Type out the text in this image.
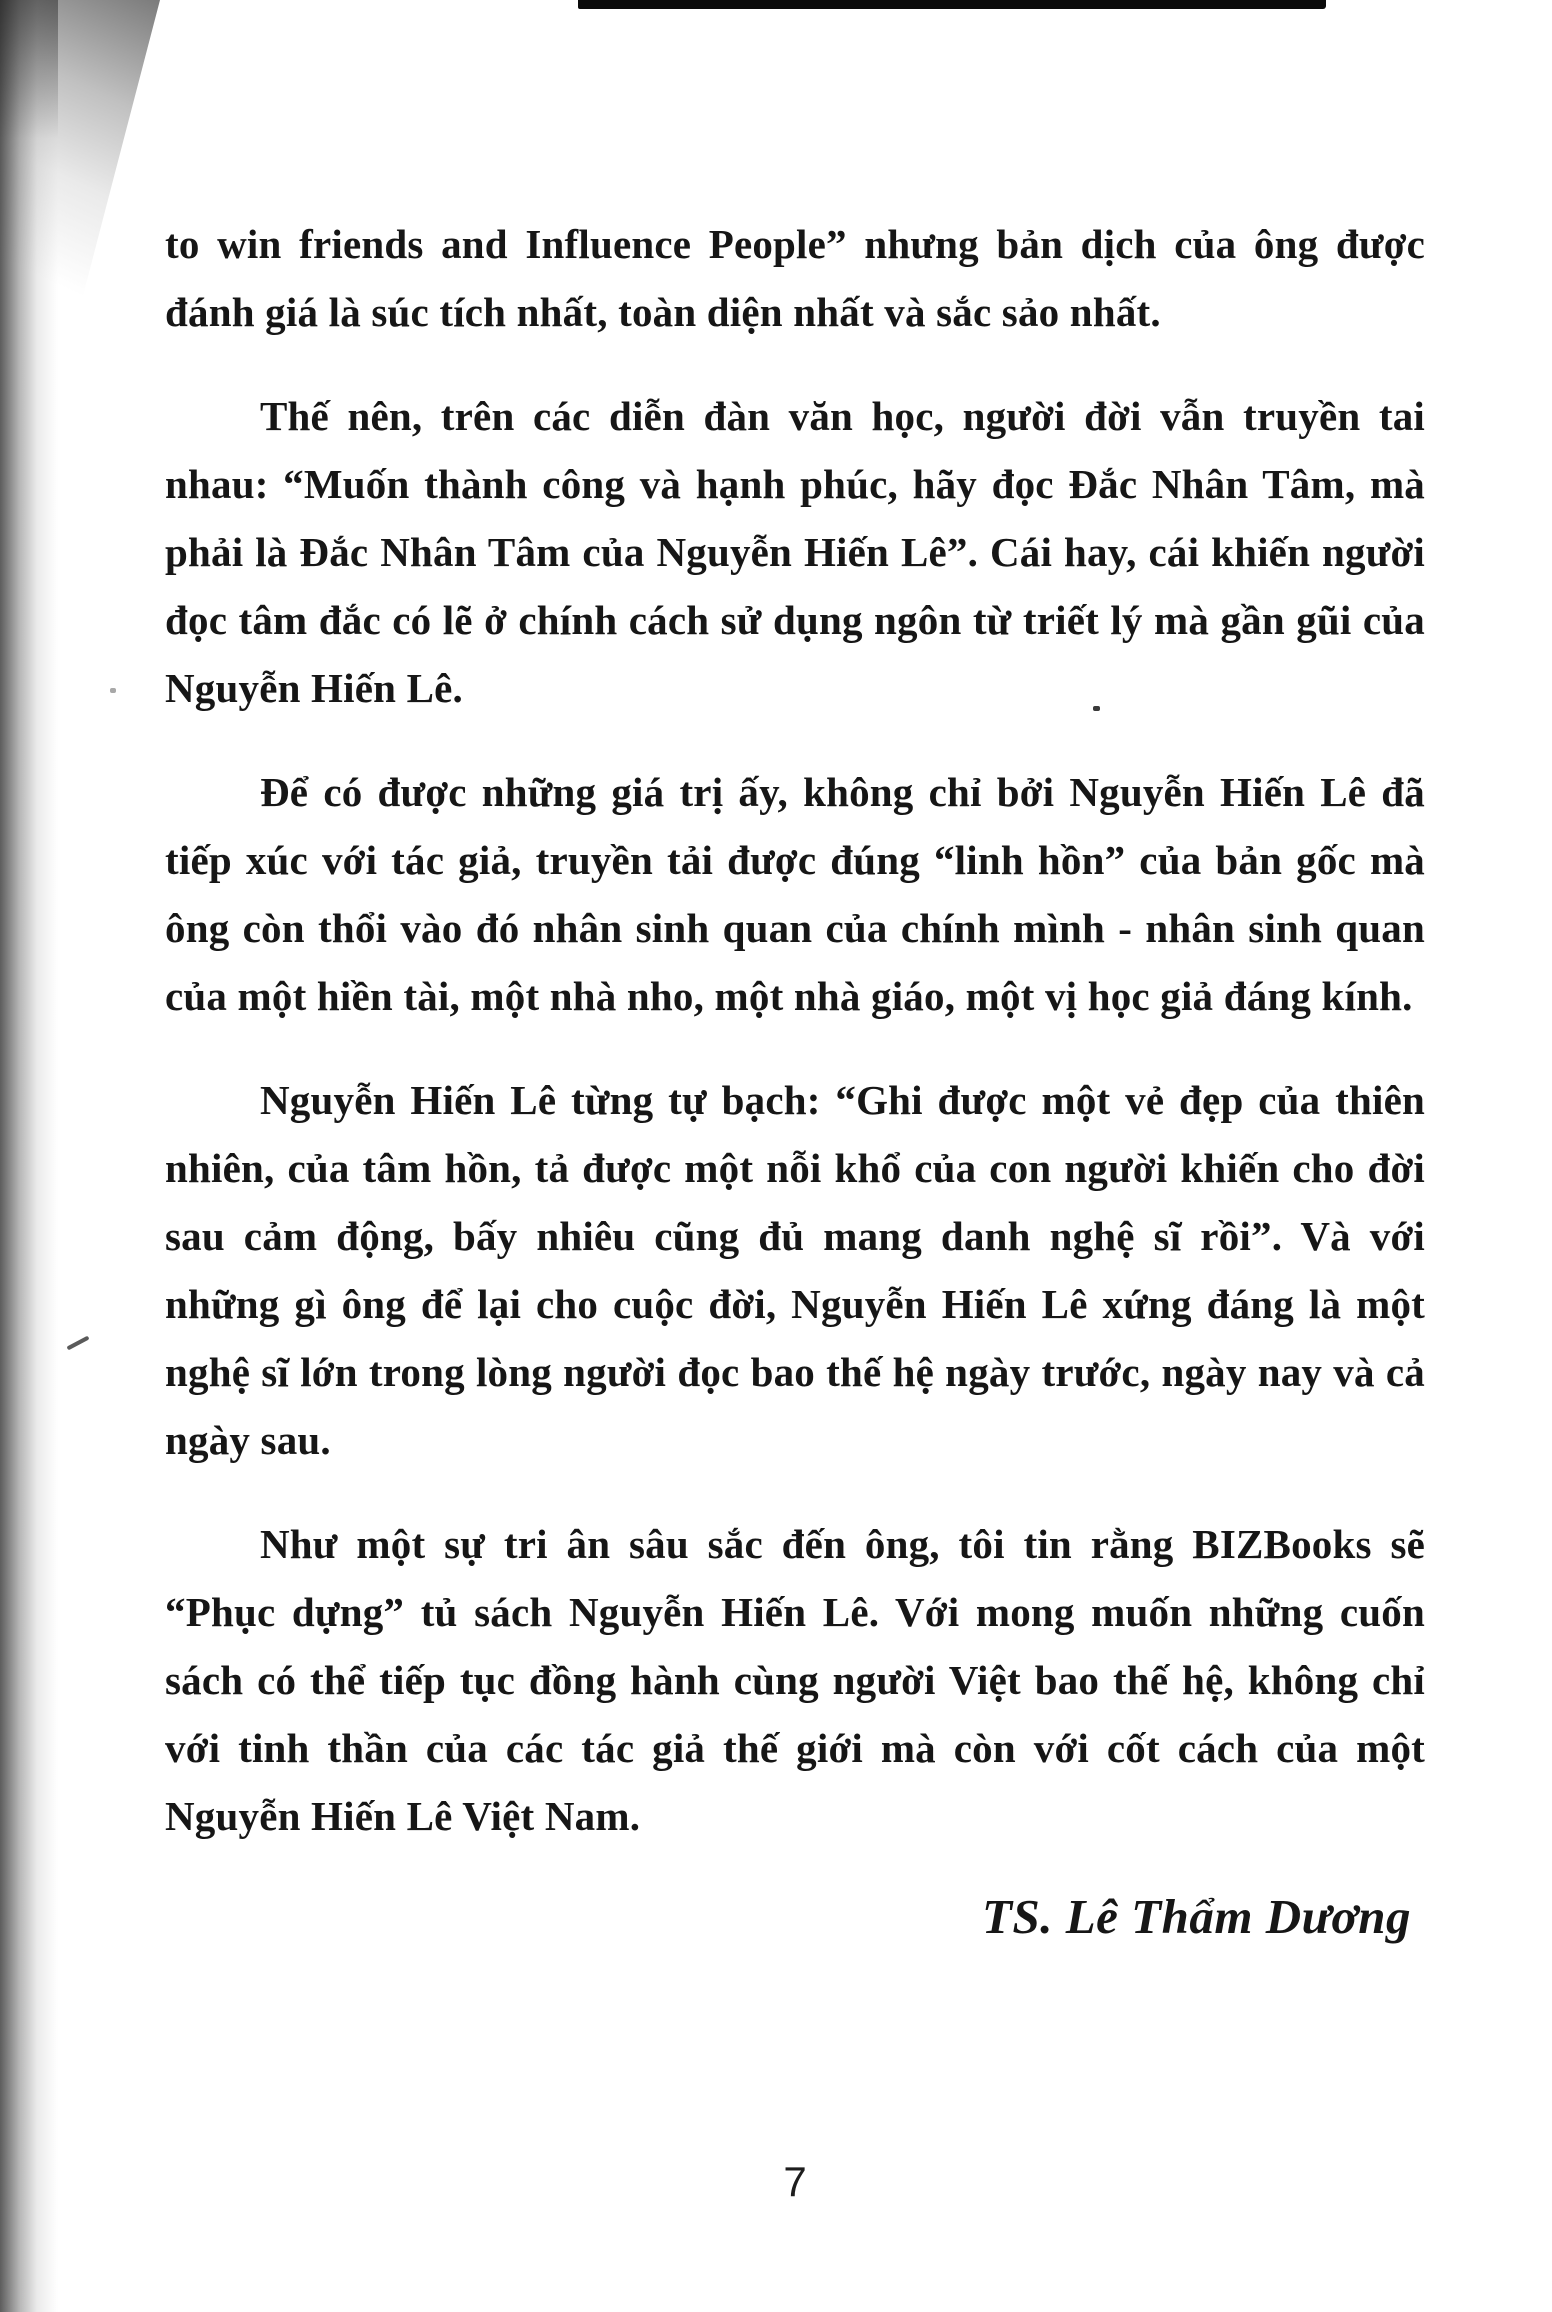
to win friends and Influence People” nhưng bản dịch của ông được đánh giá là súc tích nhất, toàn diện nhất và sắc sảo nhất.

Thế nên, trên các diễn đàn văn học, người đời vẫn truyền tai nhau: “Muốn thành công và hạnh phúc, hãy đọc Đắc Nhân Tâm, mà phải là Đắc Nhân Tâm của Nguyễn Hiến Lê”. Cái hay, cái khiến người đọc tâm đắc có lẽ ở chính cách sử dụng ngôn từ triết lý mà gần gũi của Nguyễn Hiến Lê.

Để có được những giá trị ấy, không chỉ bởi Nguyễn Hiến Lê đã tiếp xúc với tác giả, truyền tải được đúng “linh hồn” của bản gốc mà ông còn thổi vào đó nhân sinh quan của chính mình - nhân sinh quan của một hiền tài, một nhà nho, một nhà giáo, một vị học giả đáng kính.

Nguyễn Hiến Lê từng tự bạch: “Ghi được một vẻ đẹp của thiên nhiên, của tâm hồn, tả được một nỗi khổ của con người khiến cho đời sau cảm động, bấy nhiêu cũng đủ mang danh nghệ sĩ rồi”. Và với những gì ông để lại cho cuộc đời, Nguyễn Hiến Lê xứng đáng là một nghệ sĩ lớn trong lòng người đọc bao thế hệ ngày trước, ngày nay và cả ngày sau.

Như một sự tri ân sâu sắc đến ông, tôi tin rằng BIZBooks sẽ “Phục dựng” tủ sách Nguyễn Hiến Lê. Với mong muốn những cuốn sách có thể tiếp tục đồng hành cùng người Việt bao thế hệ, không chỉ với tinh thần của các tác giả thế giới mà còn với cốt cách của một Nguyễn Hiến Lê Việt Nam.

TS. Lê Thẩm Dương
7
